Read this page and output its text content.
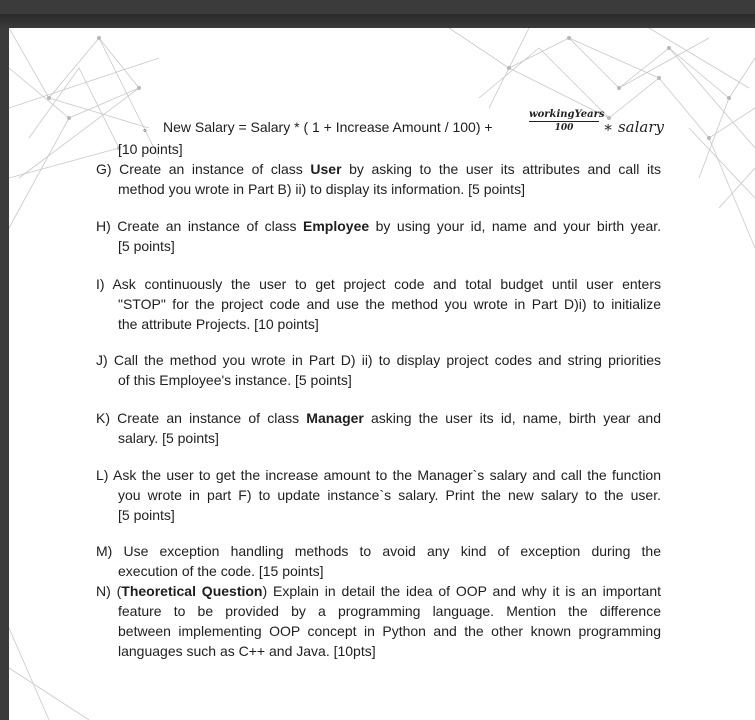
◦ New Salary = Salary * ( 1 + Increase Amount / 100) +
workingYears
100	∗ salary
[10 points]
G) Create an instance of class User by asking to the user its attributes and call its
method you wrote in Part B) ii) to display its information. [5 points]
H) Create an instance of class Employee by using your id, name and your birth year.
[5 points]
I) Ask continuously the user to get project code and total budget until user enters
"STOP" for the project code and use the method you wrote in Part D)i) to initialize
the attribute Projects. [10 points]
J) Call the method you wrote in Part D) ii) to display project codes and string priorities
of this Employee's instance. [5 points]
K) Create an instance of class Manager asking the user its id, name, birth year and
salary. [5 points]
L) Ask the user to get the increase amount to the Manager`s salary and call the function
you wrote in part F) to update instance`s salary. Print the new salary to the user.
[5 points]
M) Use exception handling methods to avoid any kind of exception during the
execution of the code. [15 points]
N) (Theoretical Question) Explain in detail the idea of OOP and why it is an important
feature to be provided by a programming language. Mention the difference
between implementing OOP concept in Python and the other known programming
languages such as C++ and Java. [10pts]
